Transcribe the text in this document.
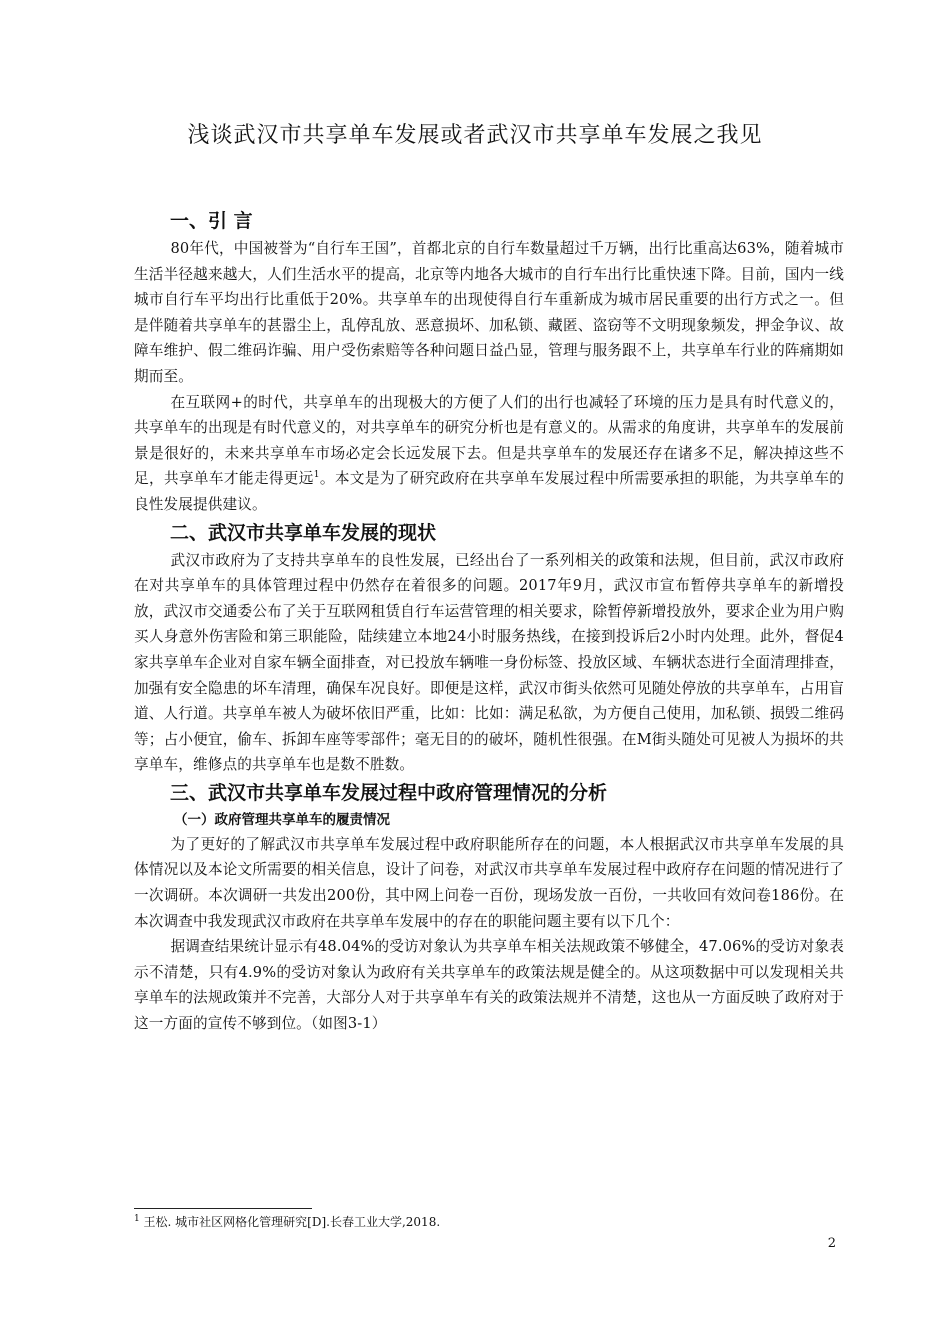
浅谈武汉市共享单车发展或者武汉市共享单车发展之我见
一、引 言

80年代，中国被誉为“自行车王国”，首都北京的自行车数量超过千万辆，出行比重高达63%，随着城市生活半径越来越大，人们生活水平的提高，北京等内地各大城市的自行车出行比重快速下降。目前，国内一线城市自行车平均出行比重低于20%。共享单车的出现使得自行车重新成为城市居民重要的出行方式之一。但是伴随着共享单车的甚嚣尘上，乱停乱放、恶意损坏、加私锁、藏匿、盗窃等不文明现象频发，押金争议、故障车维护、假二维码诈骗、用户受伤索赔等各种问题日益凸显，管理与服务跟不上，共享单车行业的阵痛期如期而至。

在互联网+的时代，共享单车的出现极大的方便了人们的出行也减轻了环境的压力是具有时代意义的，共享单车的出现是有时代意义的，对共享单车的研究分析也是有意义的。从需求的角度讲，共享单车的发展前景是很好的，未来共享单车市场必定会长远发展下去。但是共享单车的发展还存在诸多不足，解决掉这些不足，共享单车才能走得更远$^1$。本文是为了研究政府在共享单车发展过程中所需要承担的职能，为共享单车的良性发展提供建议。

二、武汉市共享单车发展的现状

武汉市政府为了支持共享单车的良性发展，已经出台了一系列相关的政策和法规，但目前，武汉市政府在对共享单车的具体管理过程中仍然存在着很多的问题。2017年9月，武汉市宣布暂停共享单车的新增投放，武汉市交通委公布了关于互联网租赁自行车运营管理的相关要求，除暂停新增投放外，要求企业为用户购买人身意外伤害险和第三职能险，陆续建立本地24小时服务热线，在接到投诉后2小时内处理。此外，督促4家共享单车企业对自家车辆全面排查，对已投放车辆唯一身份标签、投放区域、车辆状态进行全面清理排查，加强有安全隐患的坏车清理，确保车况良好。即便是这样，武汉市街头依然可见随处停放的共享单车，占用盲道、人行道。共享单车被人为破坏依旧严重，比如：比如：满足私欲，为方便自己使用，加私锁、损毁二维码等；占小便宜，偷车、拆卸车座等零部件；毫无目的的破坏，随机性很强。在M街头随处可见被人为损坏的共享单车，维修点的共享单车也是数不胜数。

三、武汉市共享单车发展过程中政府管理情况的分析
（一）政府管理共享单车的履责情况

为了更好的了解武汉市共享单车发展过程中政府职能所存在的问题，本人根据武汉市共享单车发展的具体情况以及本论文所需要的相关信息，设计了问卷，对武汉市共享单车发展过程中政府存在问题的情况进行了一次调研。本次调研一共发出200份，其中网上问卷一百份，现场发放一百份，一共收回有效问卷186份。在本次调查中我发现武汉市政府在共享单车发展中的存在的职能问题主要有以下几个：

据调查结果统计显示有48.04%的受访对象认为共享单车相关法规政策不够健全，47.06%的受访对象表示不清楚，只有4.9%的受访对象认为政府有关共享单车的政策法规是健全的。从这项数据中可以发现相关共享单车的法规政策并不完善，大部分人对于共享单车有关的政策法规并不清楚，这也从一方面反映了政府对于这一方面的宣传不够到位。（如图3-1）

$^1$ 王松. 城市社区网格化管理研究[D].长春工业大学,2018.
2
